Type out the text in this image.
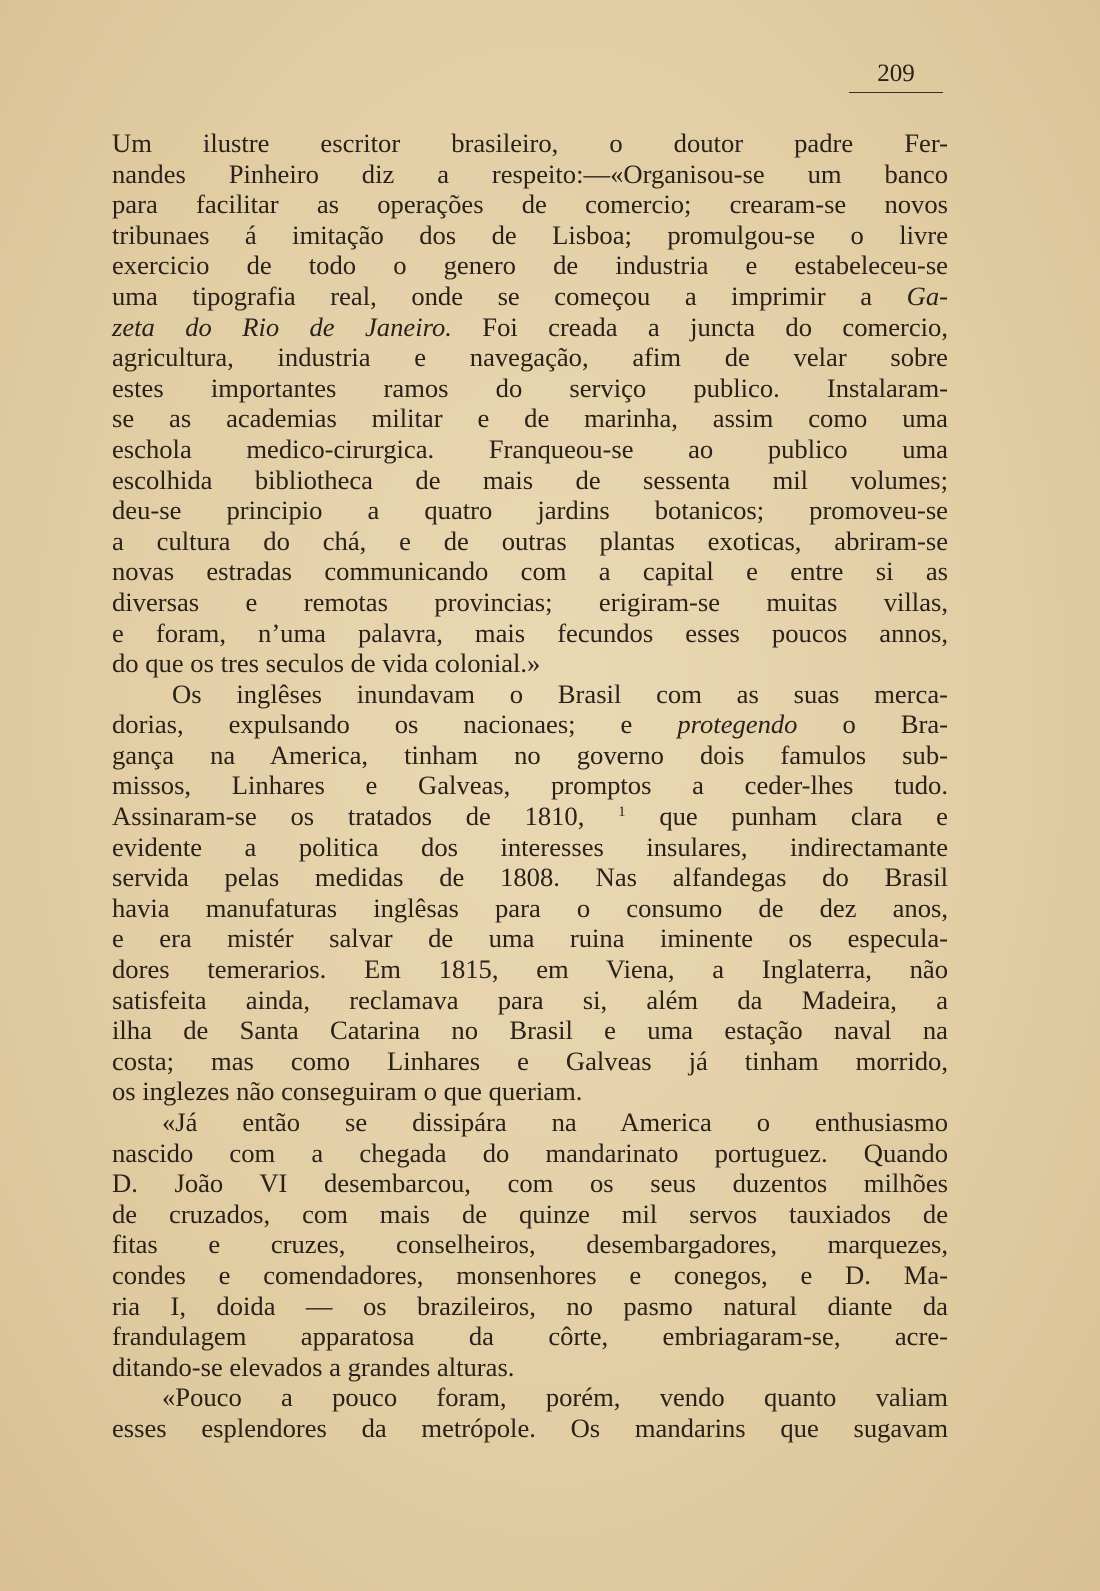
209
Um ilustre escritor brasileiro, o doutor padre Fer-
nandes Pinheiro diz a respeito:—«Organisou-se um banco
para facilitar as operações de comercio; crearam-se novos
tribunaes á imitação dos de Lisboa; promulgou-se o livre
exercicio de todo o genero de industria e estabeleceu-se
uma tipografia real, onde se começou a imprimir a Ga-
zeta do Rio de Janeiro. Foi creada a juncta do comercio,
agricultura, industria e navegação, afim de velar sobre
estes importantes ramos do serviço publico. Instalaram-
se as academias militar e de marinha, assim como uma
eschola medico-cirurgica. Franqueou-se ao publico uma
escolhida bibliotheca de mais de sessenta mil volumes;
deu-se principio a quatro jardins botanicos; promoveu-se
a cultura do chá, e de outras plantas exoticas, abriram-se
novas estradas communicando com a capital e entre si as
diversas e remotas provincias; erigiram-se muitas villas,
e foram, n’uma palavra, mais fecundos esses poucos annos,
do que os tres seculos de vida colonial.»
Os inglêses inundavam o Brasil com as suas merca-
dorias, expulsando os nacionaes; e protegendo o Bra-
gança na America, tinham no governo dois famulos sub-
missos, Linhares e Galveas, promptos a ceder-lhes tudo.
Assinaram-se os tratados de 1810, $^1$ que punham clara e
evidente a politica dos interesses insulares, indirectamante
servida pelas medidas de 1808. Nas alfandegas do Brasil
havia manufaturas inglêsas para o consumo de dez anos,
e era mistér salvar de uma ruina iminente os especula-
dores temerarios. Em 1815, em Viena, a Inglaterra, não
satisfeita ainda, reclamava para si, além da Madeira, a
ilha de Santa Catarina no Brasil e uma estação naval na
costa; mas como Linhares e Galveas já tinham morrido,
os inglezes não conseguiram o que queriam.
«Já então se dissipára na America o enthusiasmo
nascido com a chegada do mandarinato portuguez. Quando
D. João VI desembarcou, com os seus duzentos milhões
de cruzados, com mais de quinze mil servos tauxiados de
fitas e cruzes, conselheiros, desembargadores, marquezes,
condes e comendadores, monsenhores e conegos, e D. Ma-
ria I, doida — os brazileiros, no pasmo natural diante da
frandulagem apparatosa da côrte, embriagaram-se, acre-
ditando-se elevados a grandes alturas.
«Pouco a pouco foram, porém, vendo quanto valiam
esses esplendores da metrópole. Os mandarins que sugavam
